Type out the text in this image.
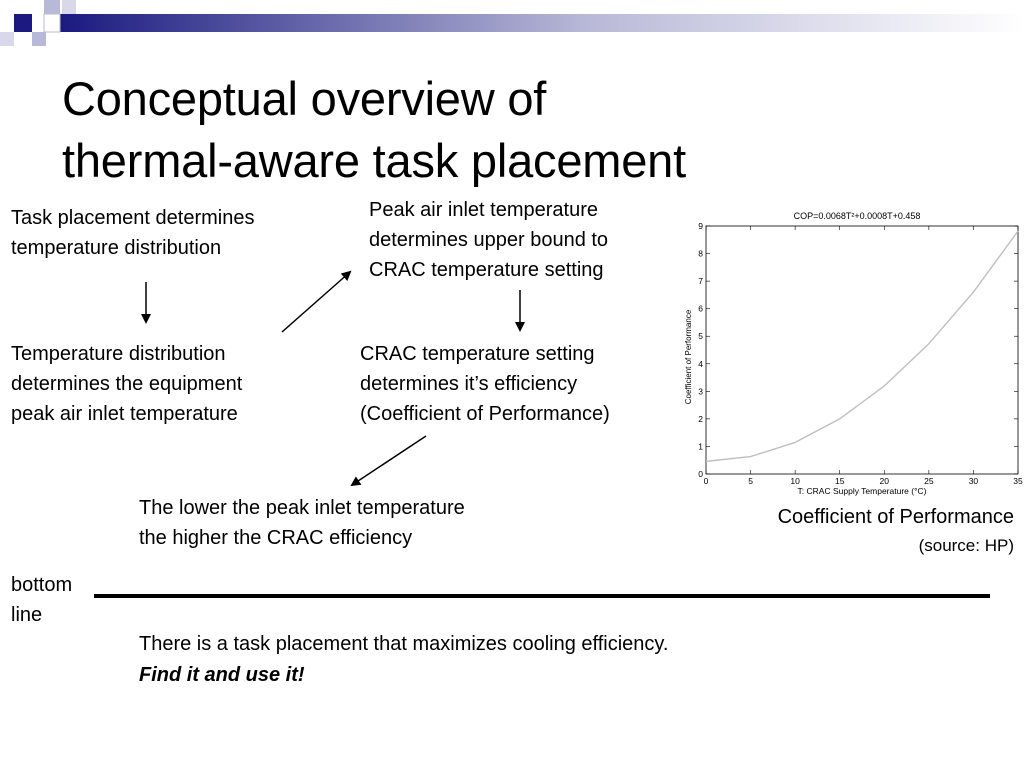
Conceptual overview of
thermal-aware task placement
Task placement determines
temperature distribution
Temperature distribution
determines the equipment
peak air inlet temperature
Peak air inlet temperature
determines upper bound to
CRAC temperature setting
CRAC temperature setting
determines it’s efficiency
(Coefficient of Performance)
The lower the peak inlet temperature
the higher the CRAC efficiency
COP=0.0068T²+0.0008T+0.458
Coefficient of Performance
T: CRAC Supply Temperature (°C)
0	5	10	15	20	25	30	35
0
1
2
3
4
5
6
7
8
9
Coefficient of Performance
(source: HP)
bottom
line
There is a task placement that maximizes cooling efficiency.
Find it and use it!
